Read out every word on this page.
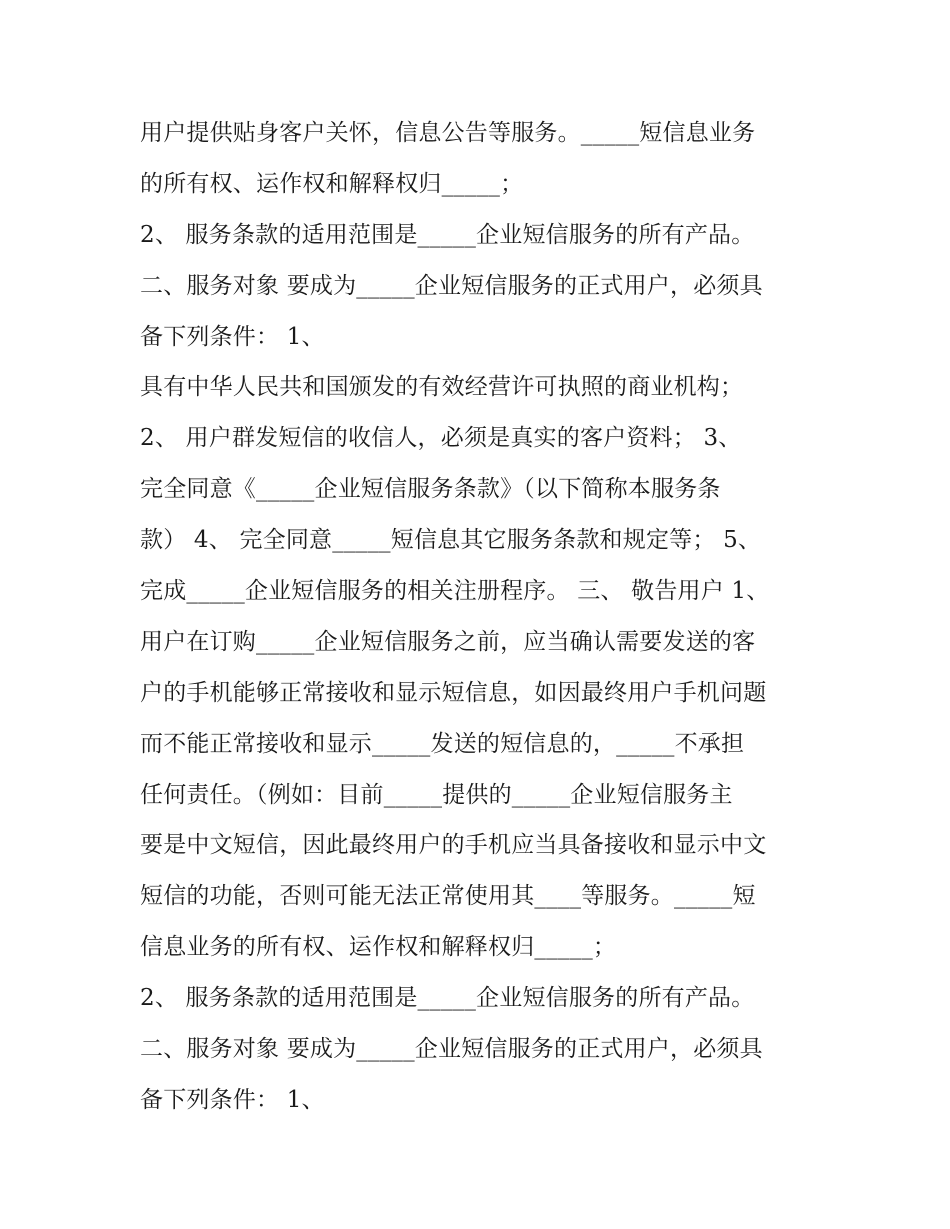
用户提供贴身客户关怀，信息公告等服务。_____短信息业务
的所有权、运作权和解释权归_____；
2、 服务条款的适用范围是_____企业短信服务的所有产品。
二、服务对象 要成为_____企业短信服务的正式用户，必须具
备下列条件： 1、
具有中华人民共和国颁发的有效经营许可执照的商业机构；
2、 用户群发短信的收信人，必须是真实的客户资料； 3、
完全同意《_____企业短信服务条款》（以下简称本服务条
款） 4、 完全同意_____短信息其它服务条款和规定等； 5、
完成_____企业短信服务的相关注册程序。 三、 敬告用户 1、
用户在订购_____企业短信服务之前，应当确认需要发送的客
户的手机能够正常接收和显示短信息，如因最终用户手机问题
而不能正常接收和显示_____发送的短信息的，_____不承担
任何责任。（例如：目前_____提供的_____企业短信服务主
要是中文短信，因此最终用户的手机应当具备接收和显示中文
短信的功能，否则可能无法正常使用其____等服务。_____短
信息业务的所有权、运作权和解释权归_____；
2、 服务条款的适用范围是_____企业短信服务的所有产品。
二、服务对象 要成为_____企业短信服务的正式用户，必须具
备下列条件： 1、
